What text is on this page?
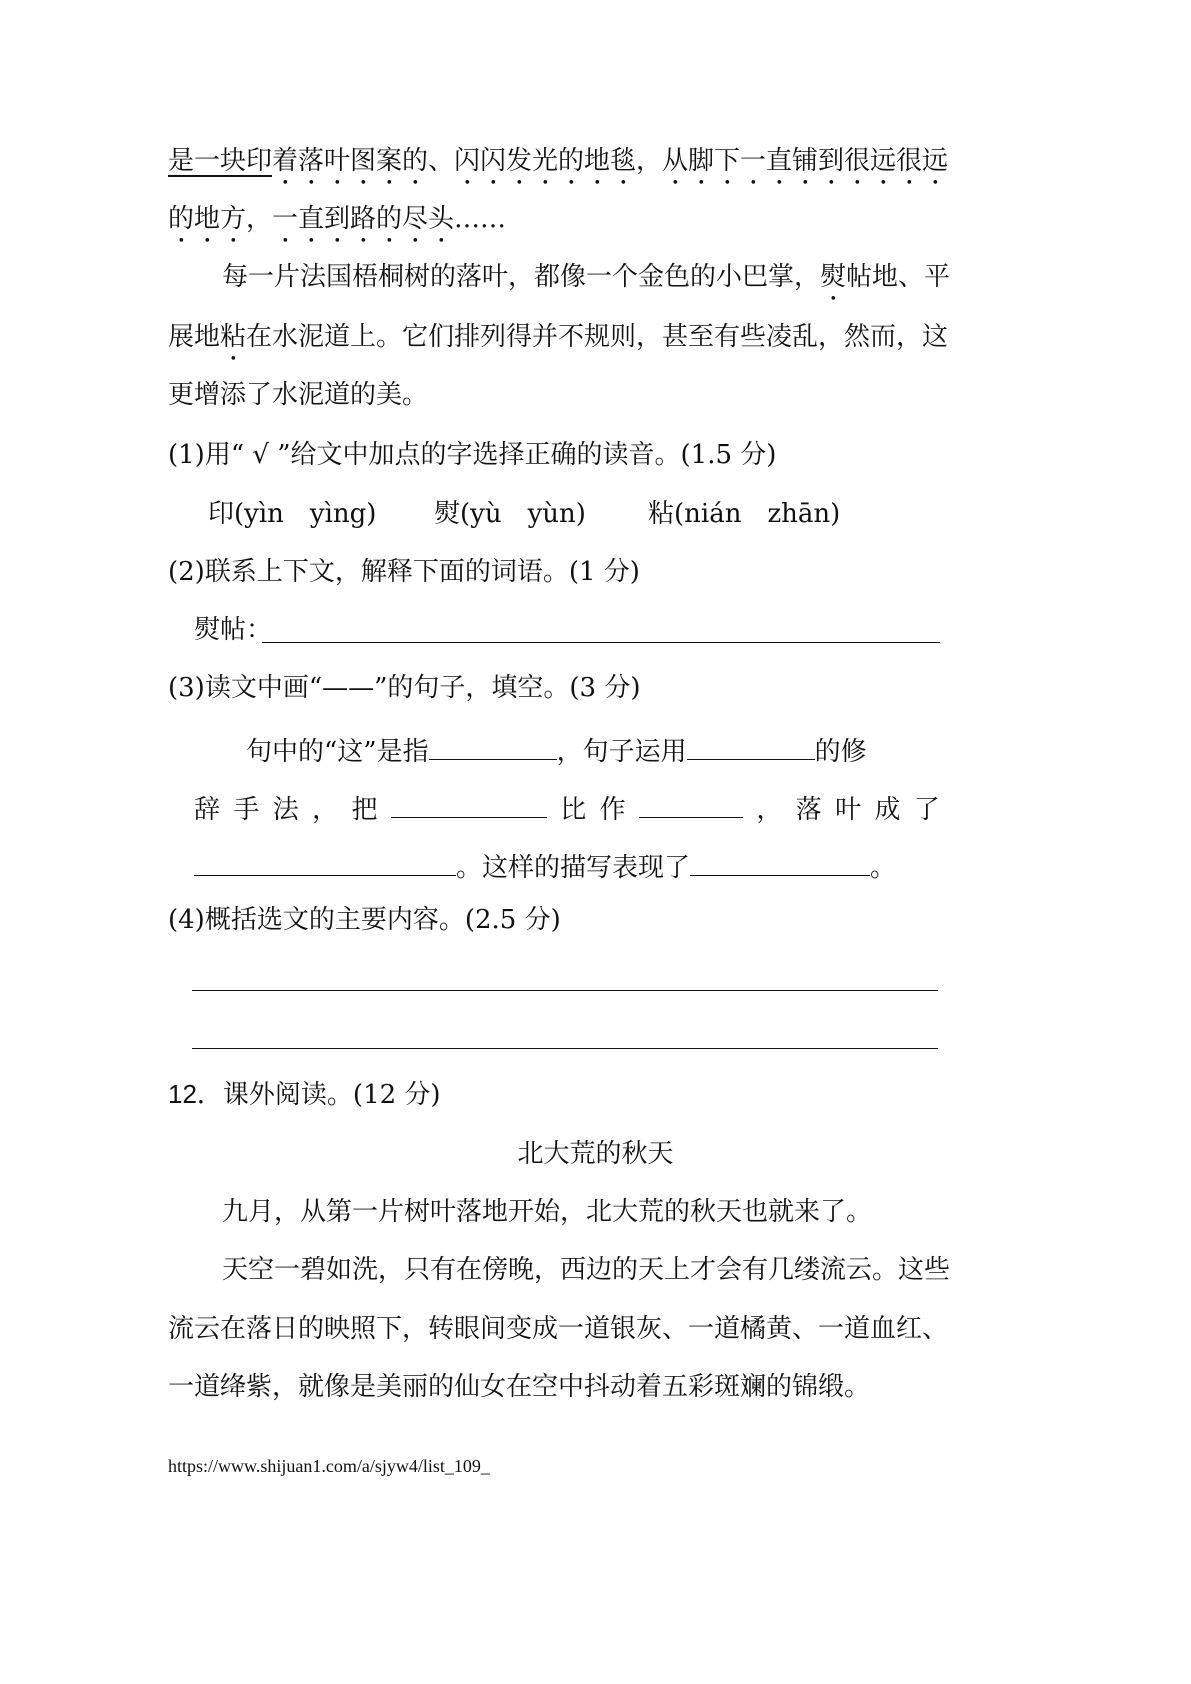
是一块印着落叶图案的、闪闪发光的地毯，从脚下一直铺到很远很远
的地方，一直到路的尽头……
每一片法国梧桐树的落叶，都像一个金色的小巴掌，熨帖地、平
展地粘在水泥道上。它们排列得并不规则，甚至有些凌乱，然而，这
更增添了水泥道的美。
(1)用“ √ ”给文中加点的字选择正确的读音。(1.5 分)
印(yìn　yìng) 熨(yù　yùn) 粘(nián　zhān)
(2)联系上下文，解释下面的词语。(1 分)
熨帖：
(3)读文中画“——”的句子，填空。(3 分)
句中的“这”是指	，句子运用	的修
辞 手 法 ， 把	比 作	， 落 叶 成 了
。这样的描写表现了	。
(4)概括选文的主要内容。(2.5 分)
12．课外阅读。(12 分)
北大荒的秋天
九月，从第一片树叶落地开始，北大荒的秋天也就来了。
天空一碧如洗，只有在傍晚，西边的天上才会有几缕流云。这些
流云在落日的映照下，转眼间变成一道银灰、一道橘黄、一道血红、
一道绛紫，就像是美丽的仙女在空中抖动着五彩斑斓的锦缎。
https://www.shijuan1.com/a/sjyw4/list_109_
